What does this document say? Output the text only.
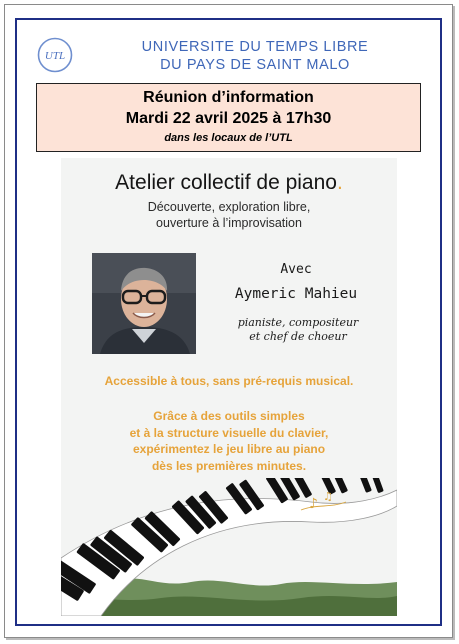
UTL
UNIVERSITE DU TEMPS LIBRE
DU PAYS DE SAINT MALO
Réunion d’information
Mardi 22 avril 2025 à 17h30
dans les locaux de l’UTL
Atelier collectif de piano.
Découverte, exploration libre,
ouverture à l’improvisation
Avec
Aymeric Mahieu
pianiste, compositeur
et chef de choeur
Accessible à tous, sans pré-requis musical.
Grâce à des outils simples
et à la structure visuelle du clavier,
expérimentez le jeu libre au piano
dès les premières minutes.
♪ ♫
